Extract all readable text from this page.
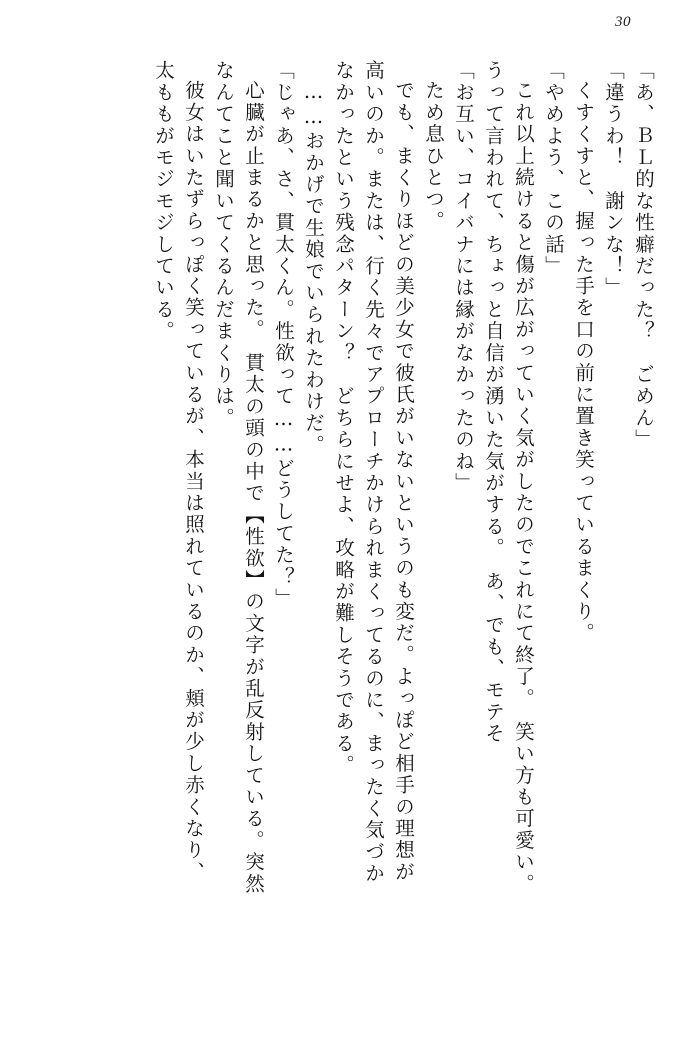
30
「あ、ＢＬ的な性癖だった？　ごめん」
「違うわ！　謝ンな！」
くすくすと、握った手を口の前に置き笑っているまくり。
「やめよう、この話」
これ以上続けると傷が広がっていく気がしたのでこれにて終了。　笑い方も可愛い。
うって言われて、ちょっと自信が湧いた気がする。　あ、でも、モテそ
「お互い、コイバナには縁がなかったのね」
ため息ひとつ。
でも、まくりほどの美少女で彼氏がいないというのも変だ。よっぽど相手の理想が
高いのか。または、行く先々でアプローチかけられまくってるのに、まったく気づか
なかったという残念パターン？　どちらにせよ、攻略が難しそうである。
……おかげで生娘でいられたわけだ。
「じゃあ、さ、貫太くん。性欲って……どうしてた？」
心臓が止まるかと思った。　貫太の頭の中で【性欲】の文字が乱反射している。突然
なんてこと聞いてくるんだまくりは。
彼女はいたずらっぽく笑っているが、本当は照れているのか、頬が少し赤くなり、
太ももがモジモジしている。
